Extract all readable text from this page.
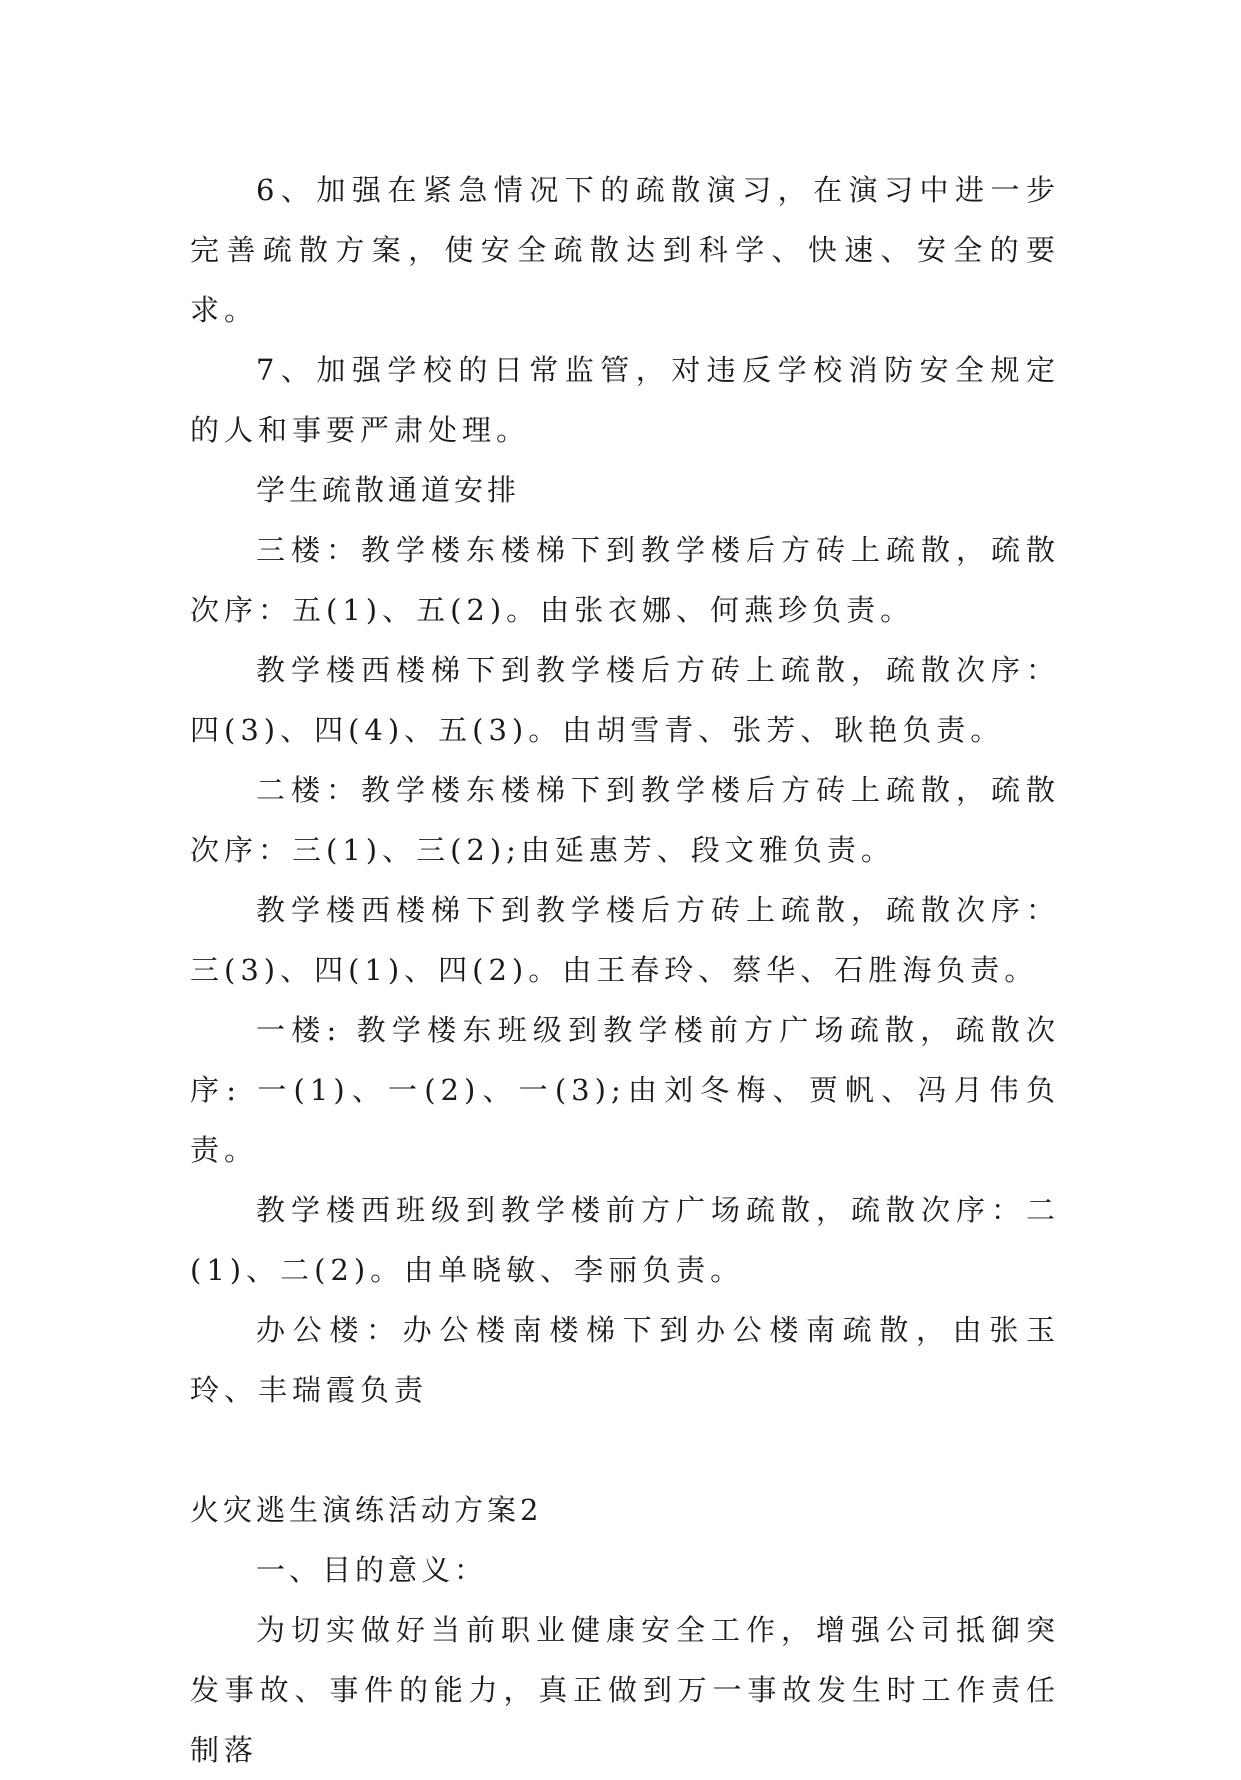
6、加强在紧急情况下的疏散演习，在演习中进一步完善疏散方案，使安全疏散达到科学、快速、安全的要求。

7、加强学校的日常监管，对违反学校消防安全规定的人和事要严肃处理。

学生疏散通道安排

三楼：教学楼东楼梯下到教学楼后方砖上疏散，疏散次序：五(1)、五(2)。由张衣娜、何燕珍负责。

教学楼西楼梯下到教学楼后方砖上疏散，疏散次序：四(3)、四(4)、五(3)。由胡雪青、张芳、耿艳负责。

二楼：教学楼东楼梯下到教学楼后方砖上疏散，疏散次序：三(1)、三(2);由延惠芳、段文雅负责。

教学楼西楼梯下到教学楼后方砖上疏散，疏散次序：三(3)、四(1)、四(2)。由王春玲、蔡华、石胜海负责。

一楼: 教学楼东班级到教学楼前方广场疏散，疏散次序: 一(1)、一(2)、一(3);由刘冬梅、贾帆、冯月伟负责。

教学楼西班级到教学楼前方广场疏散，疏散次序：二(1)、二(2)。由单晓敏、李丽负责。

办公楼：办公楼南楼梯下到办公楼南疏散，由张玉玲、丰瑞霞负责

火灾逃生演练活动方案2

一、目的意义：

为切实做好当前职业健康安全工作，增强公司抵御突发事故、事件的能力，真正做到万一事故发生时工作责任制落
